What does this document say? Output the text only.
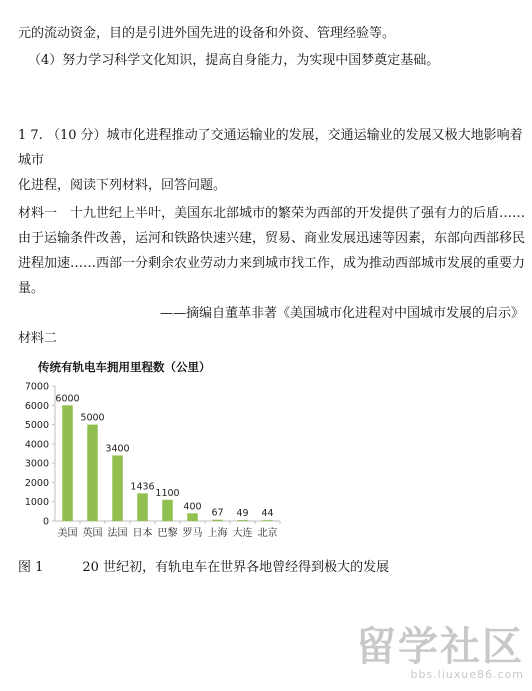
元的流动资金，目的是引进外国先进的设备和外资、管理经验等。
（4）努力学习科学文化知识，提高自身能力，为实现中国梦奠定基础。
1 7. （10 分）城市化进程推动了交通运输业的发展，交通运输业的发展又极大地影响着
城市
化进程，阅读下列材料，回答问题。
材料一　十九世纪上半叶，美国东北部城市的繁荣为西部的开发提供了强有力的后盾……
由于运输条件改善，运河和铁路快速兴建，贸易、商业发展迅速等因素，东部向西部移民
进程加速……西部一分剩余农业劳动力来到城市找工作，成为推动西部城市发展的重要力
量。
——摘编自董革非著《美国城市化进程对中国城市发展的启示》
材料二
传统有轨电车拥用里程数（公里）
0
1000
2000
3000
4000
5000
6000
7000
6000
美国
5000
英国
3400
法国
1436
日本
1100
巴黎
400
罗马
67
上海
49
大连
44
北京
图 1　　　20 世纪初，有轨电车在世界各地曾经得到极大的发展
留学社区
bbs.liuxue86.com
